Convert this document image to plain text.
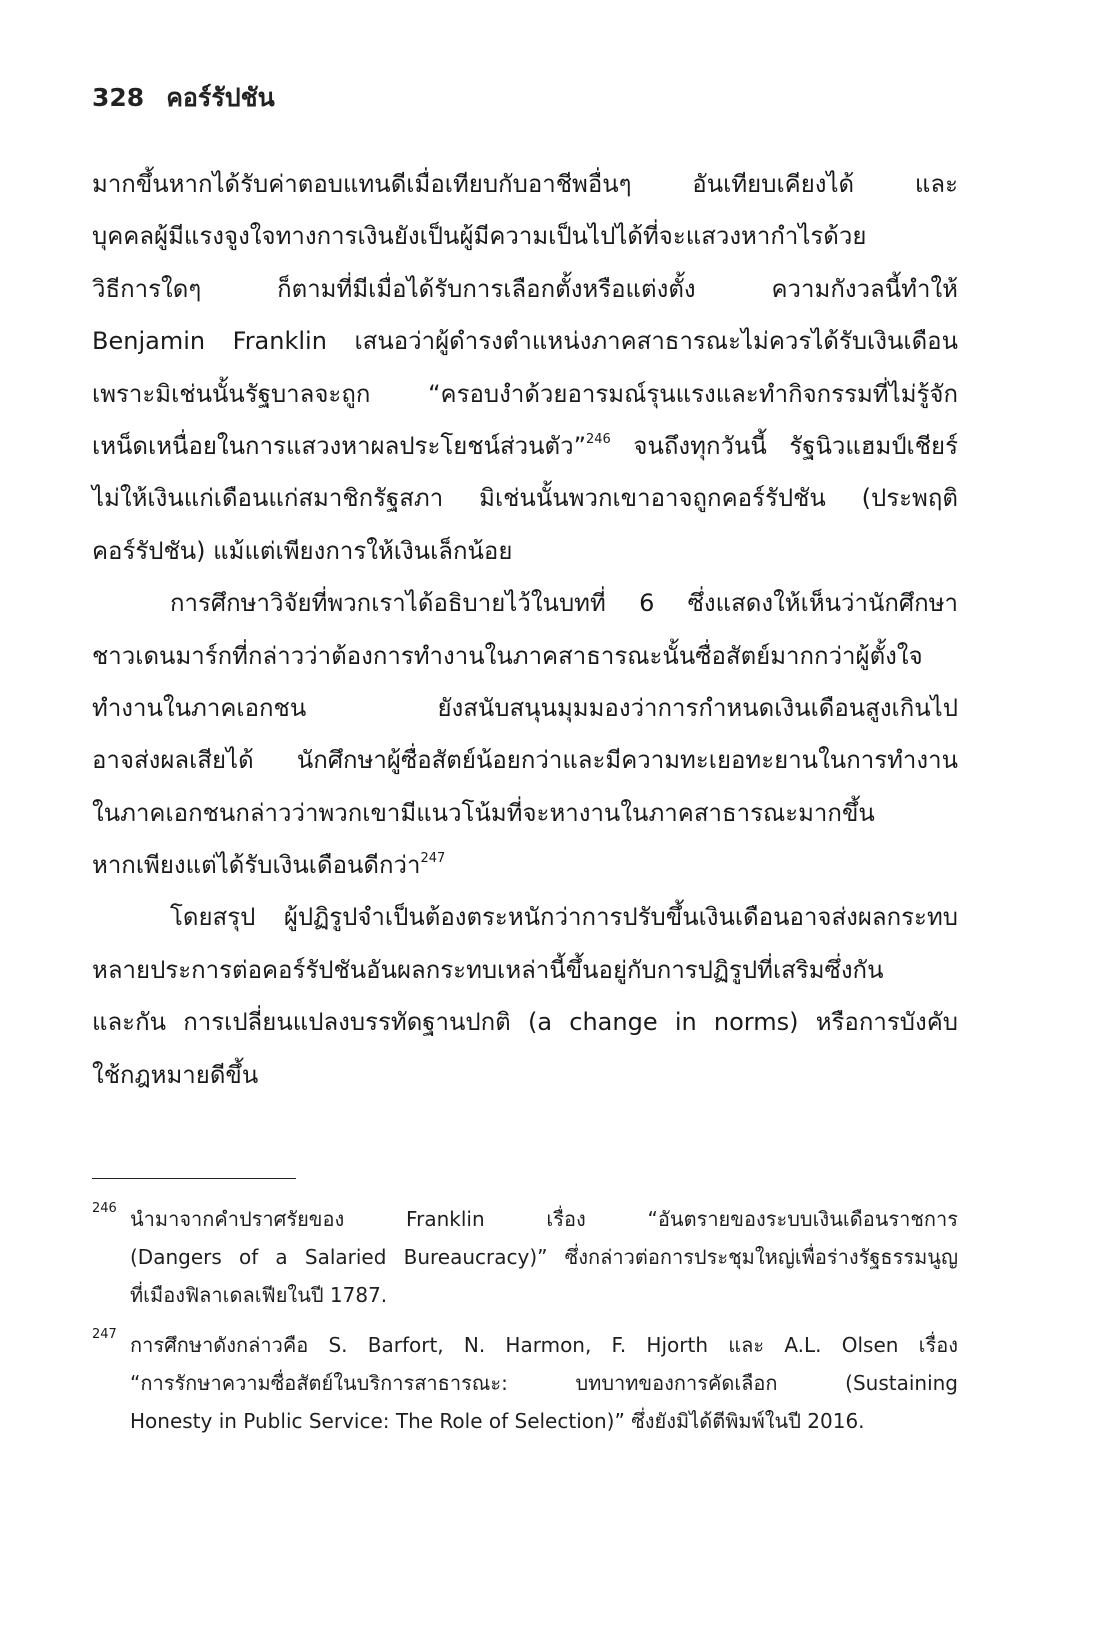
328 คอร์รัปชัน
มากขึ้นหากได้รับค่าตอบแทนดีเมื่อเทียบกับอาชีพอื่นๆ อันเทียบเคียงได้ และ
บุคคลผู้มีแรงจูงใจทางการเงินยังเป็นผู้มีความเป็นไปได้ที่จะแสวงหากำไรด้วย
วิธีการใดๆ ก็ตามที่มีเมื่อได้รับการเลือกตั้งหรือแต่งตั้ง ความกังวลนี้ทำให้
Benjamin Franklin เสนอว่าผู้ดำรงตำแหน่งภาคสาธารณะไม่ควรได้รับเงินเดือน
เพราะมิเช่นนั้นรัฐบาลจะถูก “ครอบงำด้วยอารมณ์รุนแรงและทำกิจกรรมที่ไม่รู้จัก
เหน็ดเหนื่อยในการแสวงหาผลประโยชน์ส่วนตัว”$^{246}$ จนถึงทุกวันนี้ รัฐนิวแฮมป์เชียร์
ไม่ให้เงินแก่เดือนแก่สมาชิกรัฐสภา มิเช่นนั้นพวกเขาอาจถูกคอร์รัปชัน (ประพฤติ
คอร์รัปชัน) แม้แต่เพียงการให้เงินเล็กน้อย
การศึกษาวิจัยที่พวกเราได้อธิบายไว้ในบทที่ 6 ซึ่งแสดงให้เห็นว่านักศึกษา
ชาวเดนมาร์กที่กล่าวว่าต้องการทำงานในภาคสาธารณะนั้นซื่อสัตย์มากกว่าผู้ตั้งใจ
ทำงานในภาคเอกชน ยังสนับสนุนมุมมองว่าการกำหนดเงินเดือนสูงเกินไป
อาจส่งผลเสียได้ นักศึกษาผู้ซื่อสัตย์น้อยกว่าและมีความทะเยอทะยานในการทำงาน
ในภาคเอกชนกล่าวว่าพวกเขามีแนวโน้มที่จะหางานในภาคสาธารณะมากขึ้น
หากเพียงแต่ได้รับเงินเดือนดีกว่า$^{247}$
โดยสรุป ผู้ปฏิรูปจำเป็นต้องตระหนักว่าการปรับขึ้นเงินเดือนอาจส่งผลกระทบ
หลายประการต่อคอร์รัปชันอันผลกระทบเหล่านี้ขึ้นอยู่กับการปฏิรูปที่เสริมซึ่งกัน
และกัน การเปลี่ยนแปลงบรรทัดฐานปกติ (a change in norms) หรือการบังคับ
ใช้กฎหมายดีขึ้น
246 นำมาจากคำปราศรัยของ Franklin เรื่อง “อันตรายของระบบเงินเดือนราชการ
(Dangers of a Salaried Bureaucracy)” ซึ่งกล่าวต่อการประชุมใหญ่เพื่อร่างรัฐธรรมนูญ
ที่เมืองฟิลาเดลเฟียในปี 1787.
247 การศึกษาดังกล่าวคือ S. Barfort, N. Harmon, F. Hjorth และ A.L. Olsen เรื่อง
“การรักษาความซื่อสัตย์ในบริการสาธารณะ: บทบาทของการคัดเลือก (Sustaining
Honesty in Public Service: The Role of Selection)” ซึ่งยังมิได้ตีพิมพ์ในปี 2016.
